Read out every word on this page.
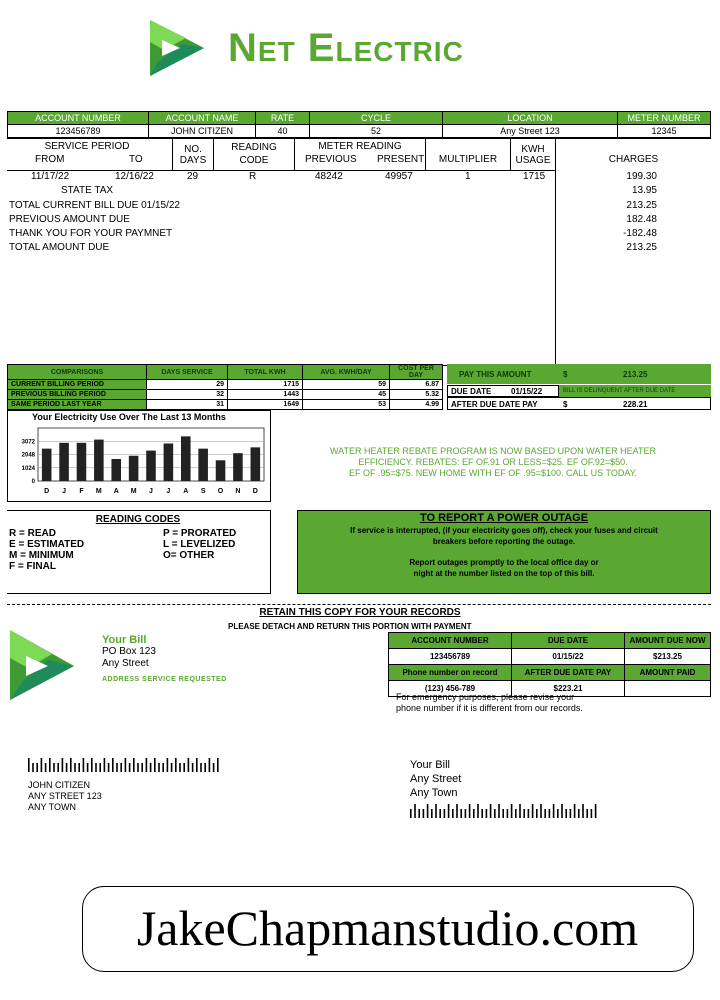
Net Electric
ACCOUNT NUMBER	ACCOUNT NAME	RATE	CYCLE	LOCATION	METER NUMBER
123456789	JOHN CITIZEN	40	52	Any Street 123	12345
SERVICE PERIOD
FROM	TO
NO.
DAYS
READING
CODE
METER READING
PREVIOUS PRESENT	MULTIPLIER
KWH
USAGE	CHARGES
11/17/22	12/16/22	29	R	48242	49957	1	1715	199.30
STATE TAX	13.95
TOTAL CURRENT BILL DUE 01/15/22	213.25
PREVIOUS AMOUNT DUE	182.48
THANK YOU FOR YOUR PAYMNET	-182.48
TOTAL AMOUNT DUE	213.25
COMPARISONS	DAYS SERVICE	TOTAL KWH	AVG. KWH/DAY	COST PER DAY
CURRENT BILLING PERIOD	29	1715	59	6.87
PREVIOUS BILLING PERIOD	32	1443	45	5.32
SAME PERIOD LAST YEAR	31	1649	53	4.99
PAY THIS AMOUNT	$	213.25
DUE DATE 01/15/22	BILL IS DELINQUENT AFTER DUE DATE
AFTER DUE DATE PAY	$	228.21
Your Electricity Use Over The Last 13 Months
3072
2048
1024
0
D J F M A M J J A S O N D
WATER HEATER REBATE PROGRAM IS NOW BASED UPON WATER HEATER
EFFICIENCY. REBATES: EF OF.91 OR LESS=$25. EF OF.92=$50.
EF OF .95=$75. NEW HOME WITH EF OF .95=$100. CALL US TODAY.
READING CODES
R = READ
E = ESTIMATED
M = MINIMUM
F = FINAL
P = PRORATED
L = LEVELIZED
O= OTHER
TO REPORT A POWER OUTAGE
If service is interrupted, (if your electricity goes off), check your fuses and circuit
breakers before reporting the outage.
Report outages promptly to the local office day or
night at the number listed on the top of this bill.
RETAIN THIS COPY FOR YOUR RECORDS
PLEASE DETACH AND RETURN THIS PORTION WITH PAYMENT
Your Bill
PO Box 123
Any Street
ADDRESS SERVICE REQUESTED
ACCOUNT NUMBER	DUE DATE	AMOUNT DUE NOW
123456789	01/15/22	$213.25
Phone number on record	AFTER DUE DATE PAY	AMOUNT PAID
(123) 456-789	$223.21	
For emergency purposes, please revise your
phone number if it is different from our records.
JOHN CITIZEN
ANY STREET 123
ANY TOWN
Your Bill
Any Street
Any Town
JakeChapmanstudio.com
